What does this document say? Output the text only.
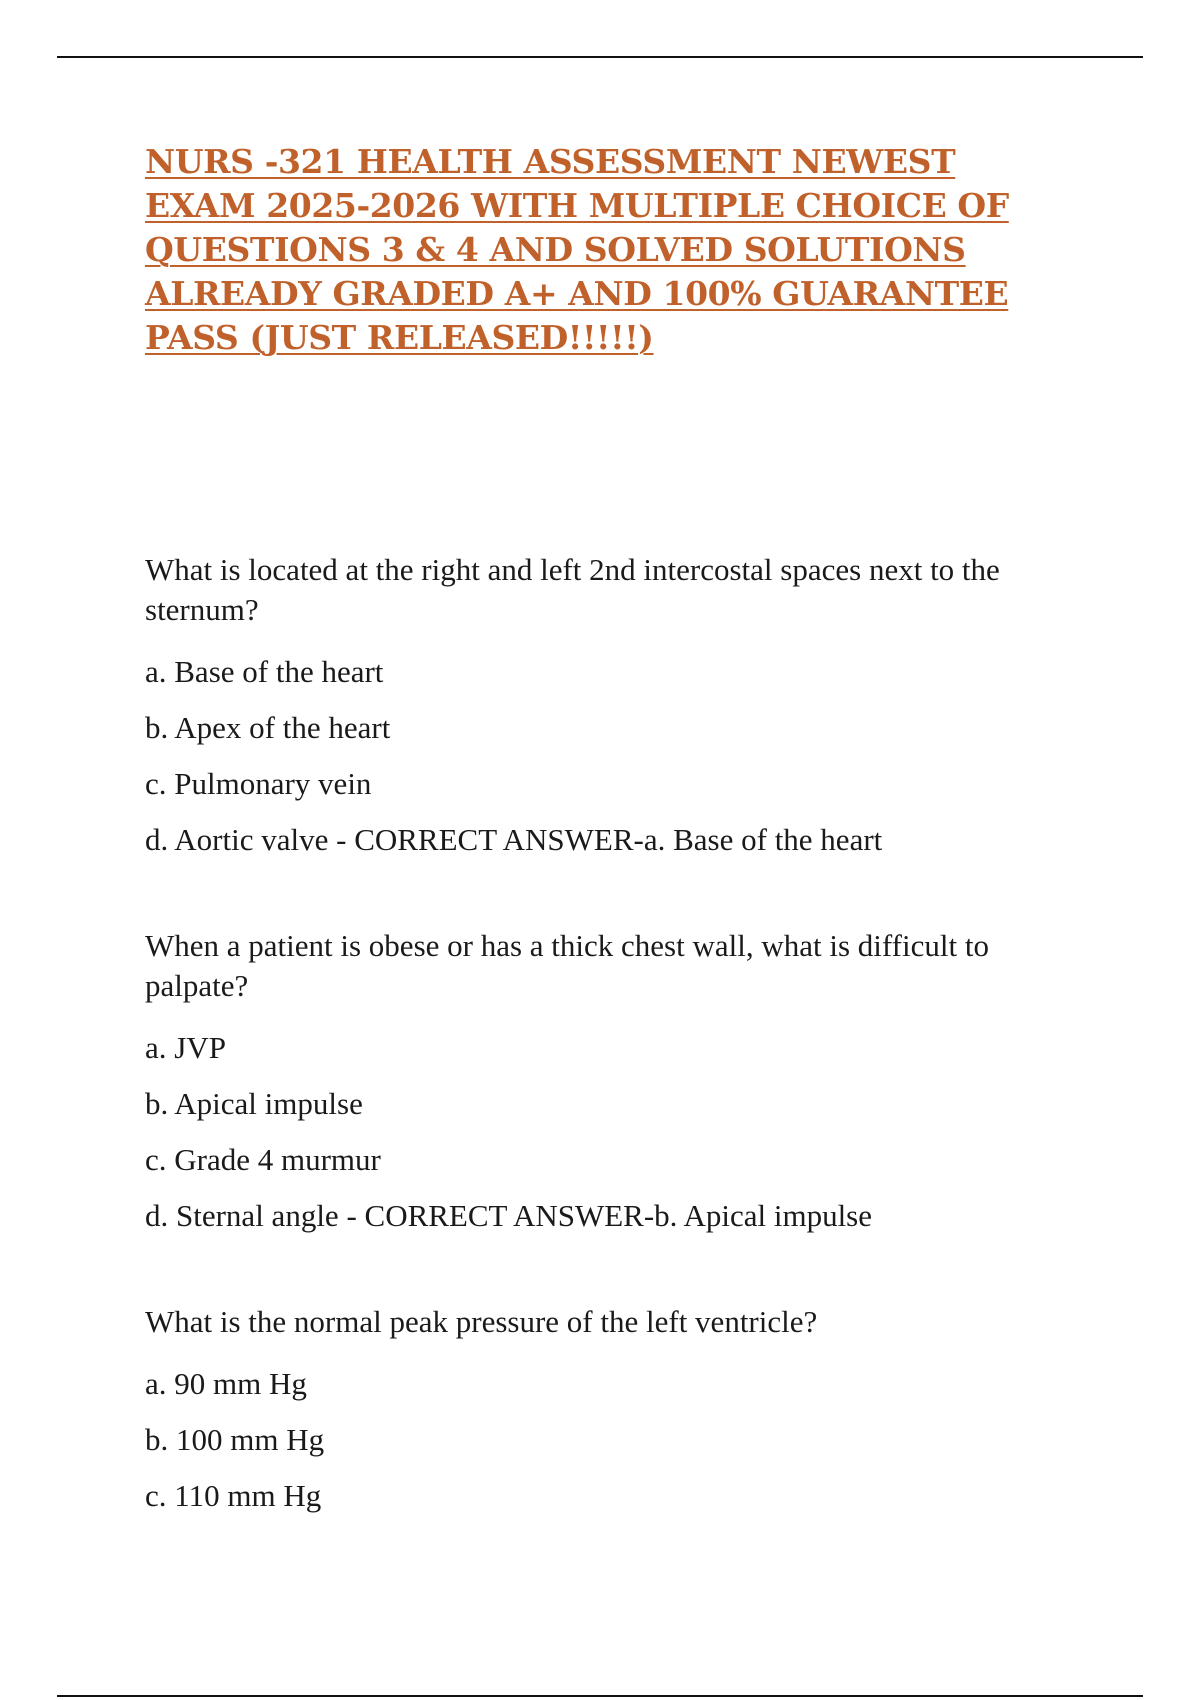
NURS -321 HEALTH ASSESSMENT NEWEST EXAM 2025-2026 WITH MULTIPLE CHOICE OF QUESTIONS 3 & 4 AND SOLVED SOLUTIONS ALREADY GRADED A+ AND 100% GUARANTEE PASS (JUST RELEASED!!!!!)

What is located at the right and left 2nd intercostal spaces next to the sternum?

a. Base of the heart

b. Apex of the heart

c. Pulmonary vein

d. Aortic valve - CORRECT ANSWER-a. Base of the heart

When a patient is obese or has a thick chest wall, what is difficult to palpate?

a. JVP

b. Apical impulse

c. Grade 4 murmur

d. Sternal angle - CORRECT ANSWER-b. Apical impulse

What is the normal peak pressure of the left ventricle?

a. 90 mm Hg

b. 100 mm Hg

c. 110 mm Hg
